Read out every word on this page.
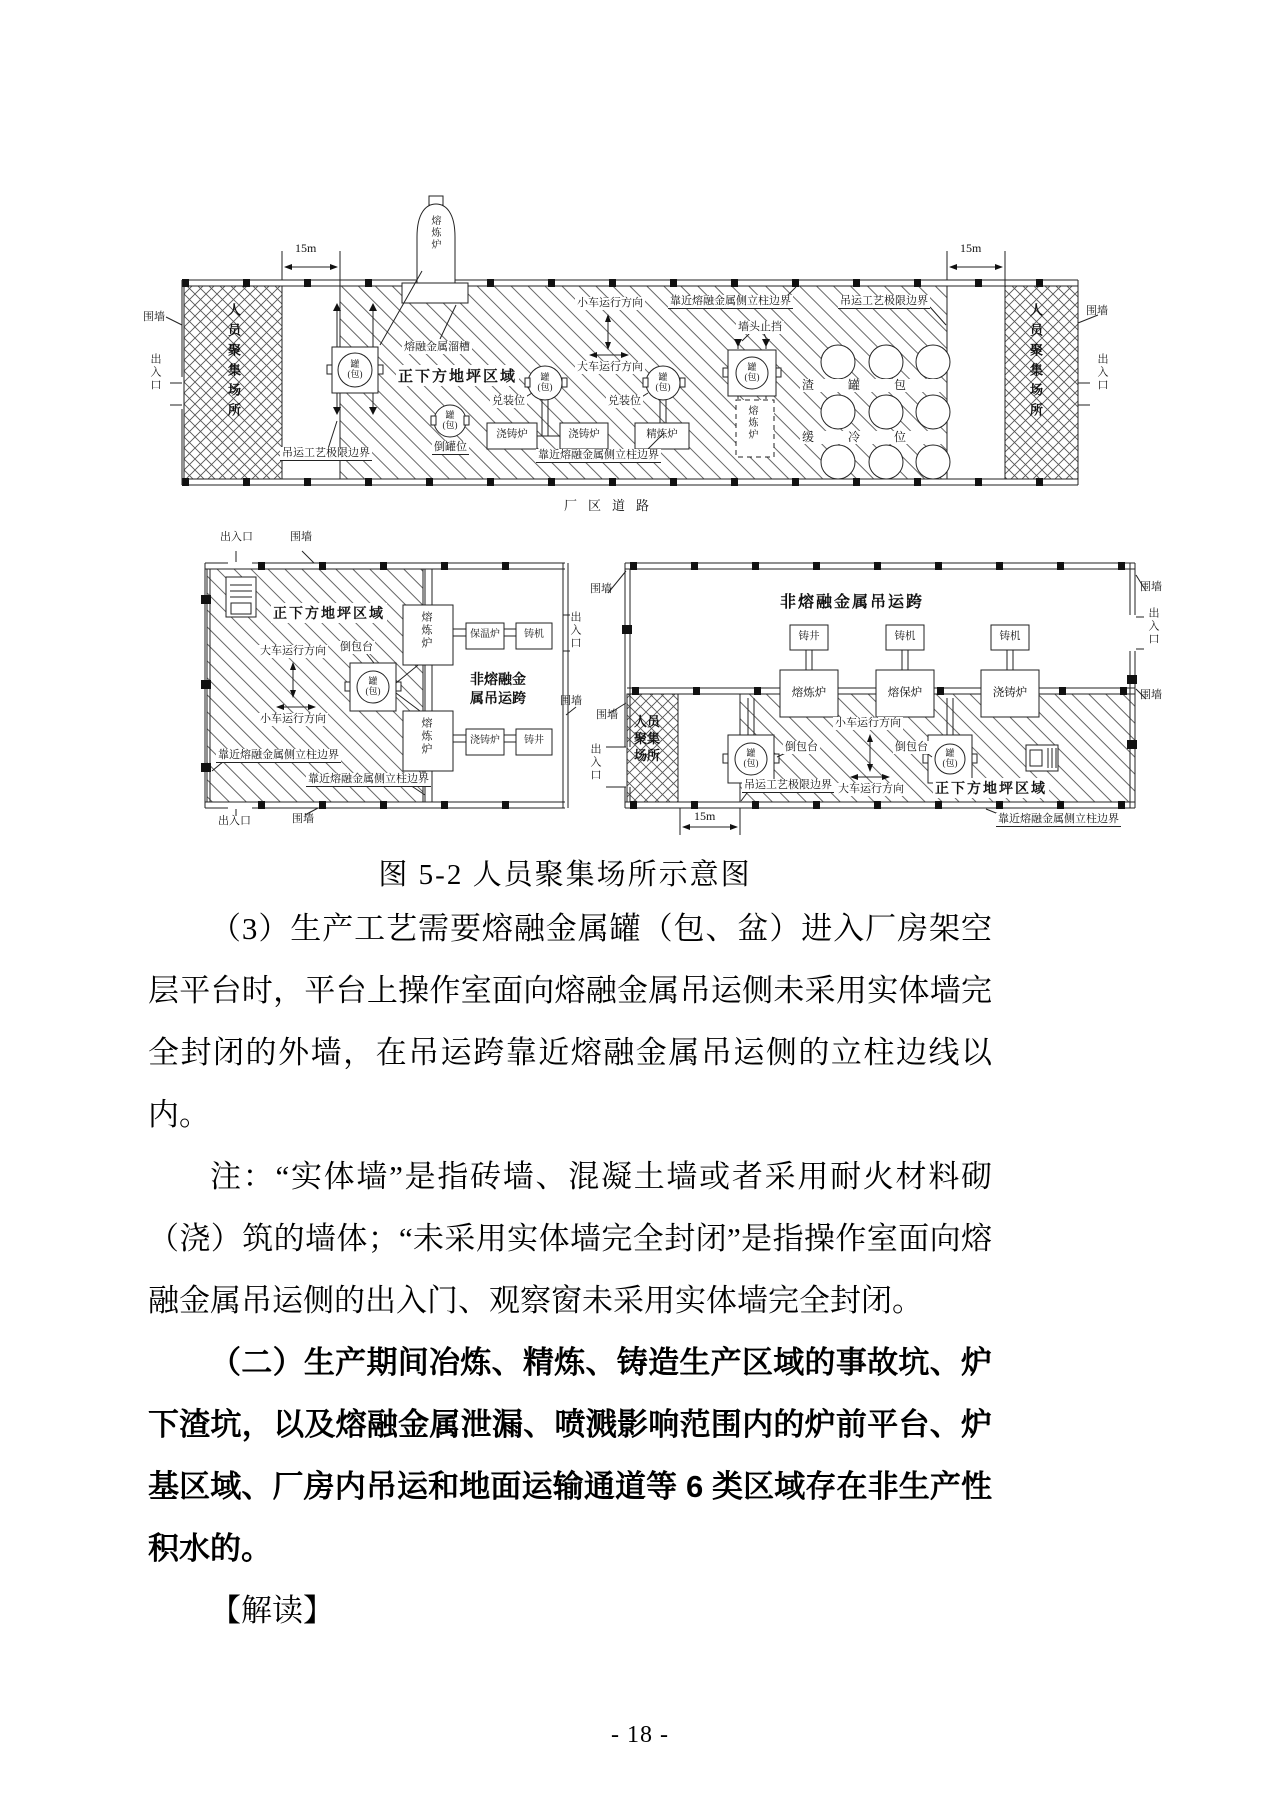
围墙
出入口	人员聚集场所
15m	熔炼炉
熔融金属溜槽
正下方地坪区域
罐 (包)
罐 (包)
罐 (包)
罐 (包)
罐 (包)
小车运行方向
大车运行方向
靠近熔融金属侧立柱边界
墙头止挡
兑装位	兑装位
浇铸炉	浇铸炉	精炼炉
倒罐位
熔炼炉
吊运工艺极限边界	靠近熔融金属侧立柱边界
吊运工艺极限边界
渣罐包
缓冷位
15m
人员聚集场所	围墙
出入口
厂区道路
出入口	围墙
正下方地坪区域
大车运行方向
小车运行方向
倒包台
罐 (包)
熔炼炉
熔炼炉
保温炉	铸机
非熔融金属吊运跨
浇铸炉	铸井
靠近熔融金属侧立柱边界
靠近熔融金属侧立柱边界
出入口	围墙
出入口
围墙
围墙
围墙
非熔融金属吊运跨
铸井	铸机	铸机
熔炼炉	熔保炉	浇铸炉
人员聚集场所
出入口	罐 (包)
罐 (包)
倒包台	倒包台
小车运行方向
大车运行方向
吊运工艺极限边界	正下方地坪区域
15m	靠近熔融金属侧立柱边界
围墙
出入口
围墙
图 5-2 人员聚集场所示意图

（3）生产工艺需要熔融金属罐（包、盆）进入厂房架空层平台时，平台上操作室面向熔融金属吊运侧未采用实体墙完全封闭的外墙，在吊运跨靠近熔融金属吊运侧的立柱边线以内。

注：“实体墙”是指砖墙、混凝土墙或者采用耐火材料砌（浇）筑的墙体；“未采用实体墙完全封闭”是指操作室面向熔融金属吊运侧的出入门、观察窗未采用实体墙完全封闭。

（二）生产期间冶炼、精炼、铸造生产区域的事故坑、炉下渣坑，以及熔融金属泄漏、喷溅影响范围内的炉前平台、炉基区域、厂房内吊运和地面运输通道等 6 类区域存在非生产性积水的。

【解读】

- 18 -
